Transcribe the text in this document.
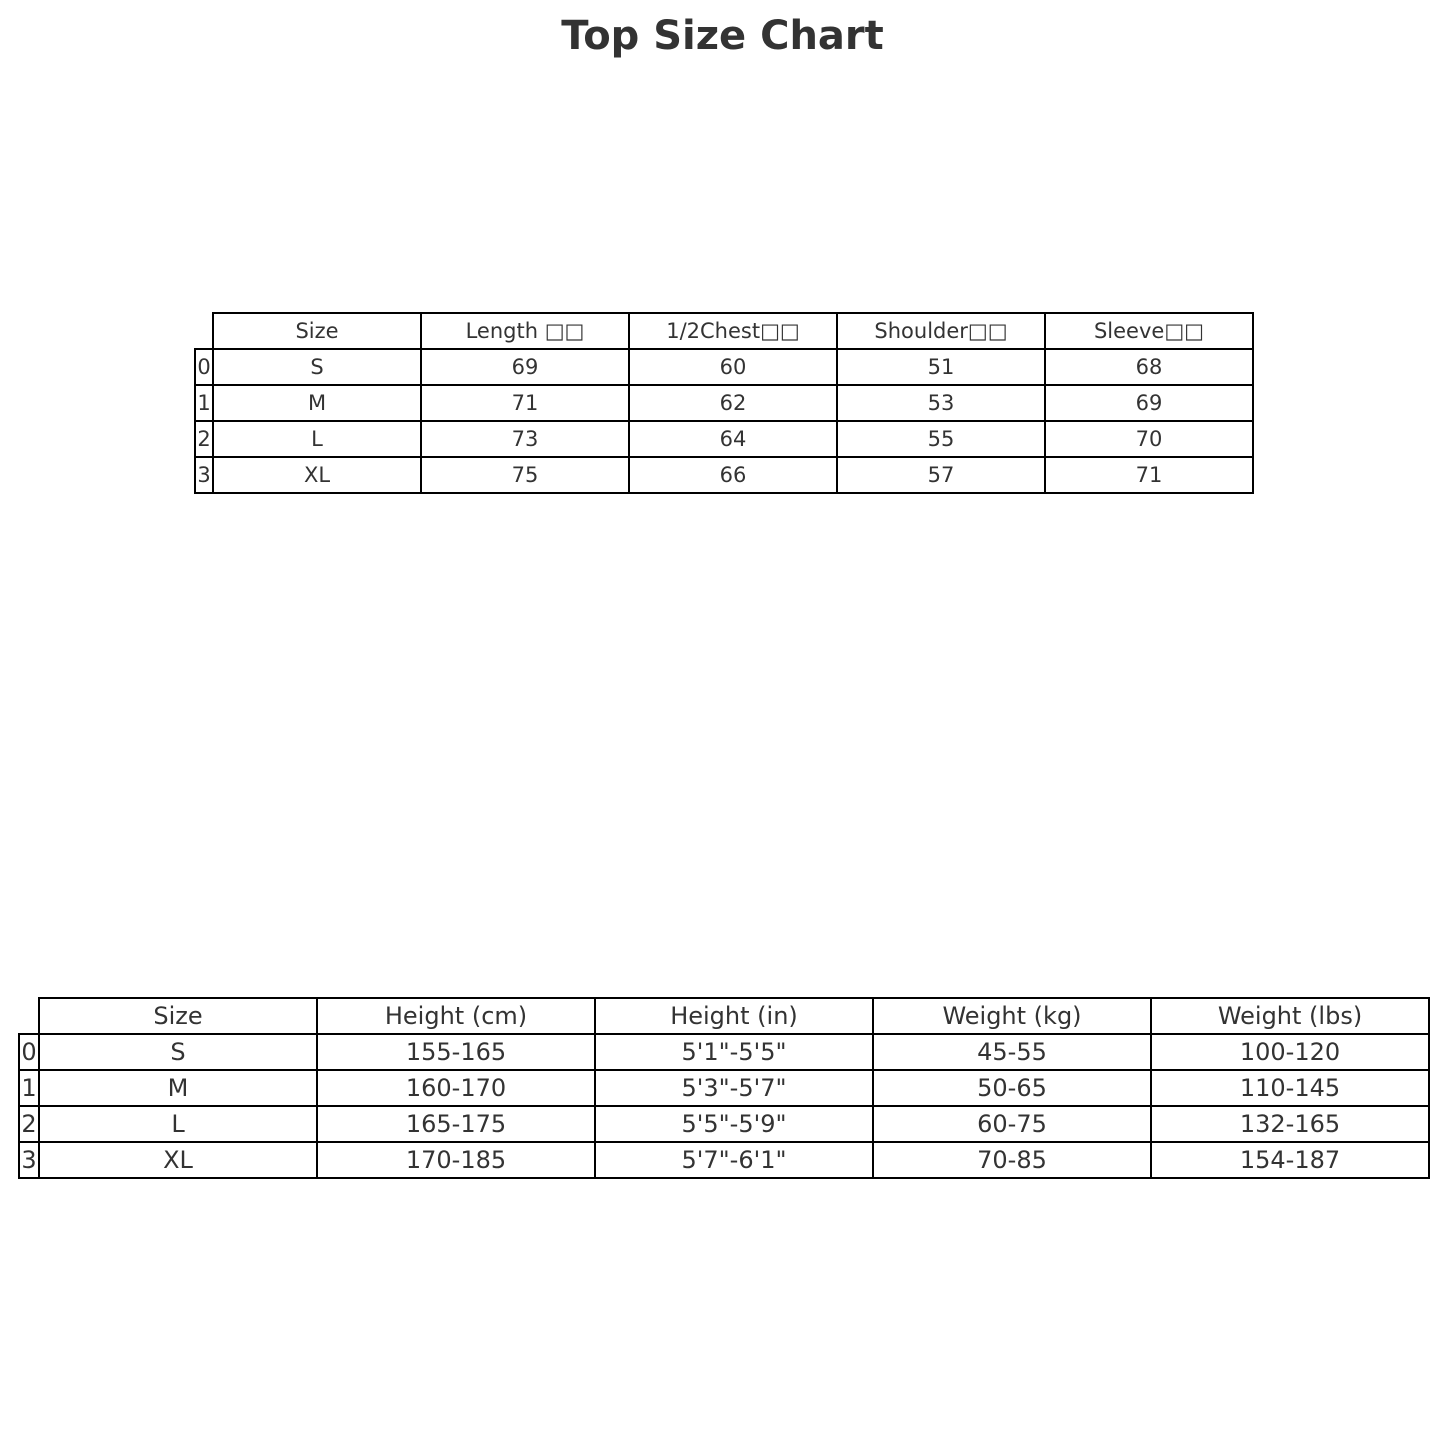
Top Size Chart
	Size	Length □□	1/2Chest□□	Shoulder□□	Sleeve□□
0	S	69	60	51	68
1	M	71	62	53	69
2	L	73	64	55	70
3	XL	75	66	57	71
	Size	Height (cm)	Height (in)	Weight (kg)	Weight (lbs)
0	S	155-165	5'1"-5'5"	45-55	100-120
1	M	160-170	5'3"-5'7"	50-65	110-145
2	L	165-175	5'5"-5'9"	60-75	132-165
3	XL	170-185	5'7"-6'1"	70-85	154-187
